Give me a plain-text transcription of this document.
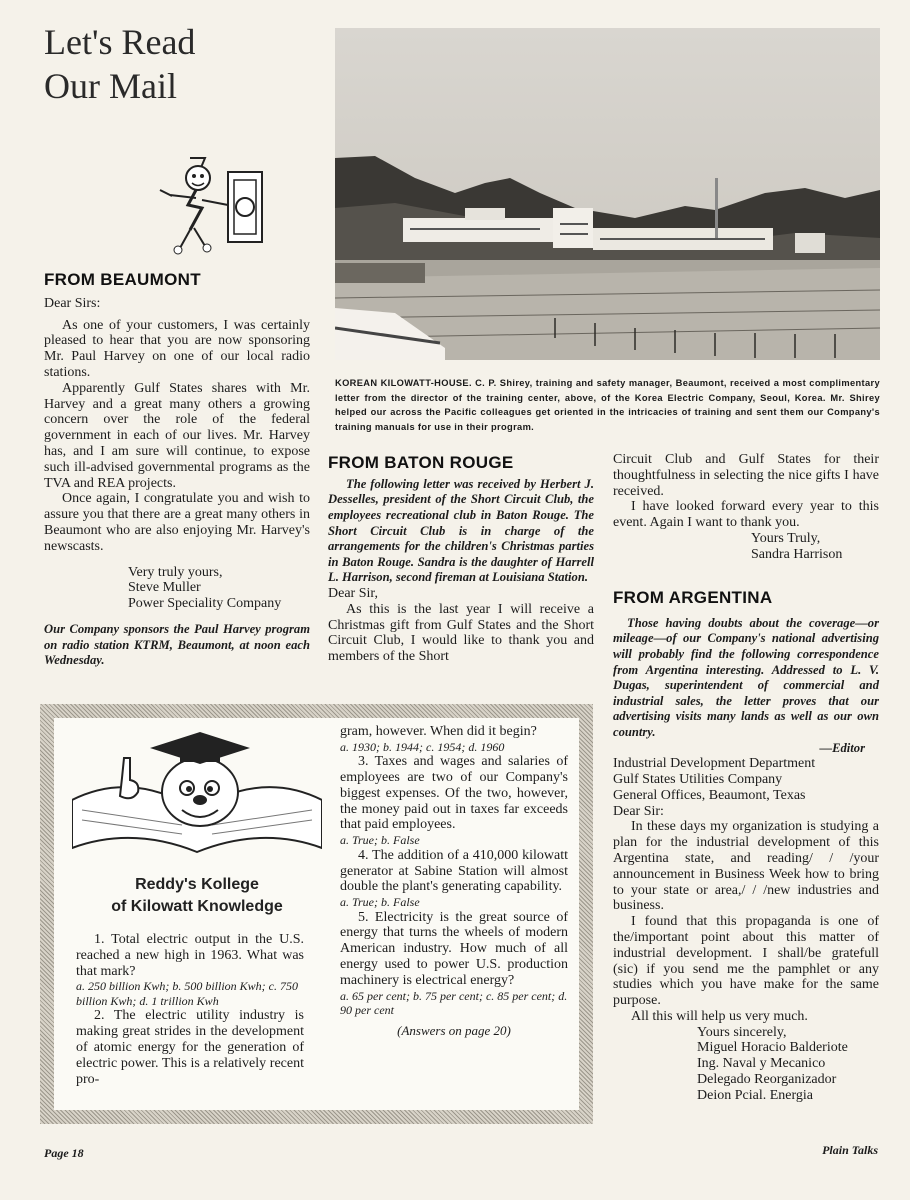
Let's Read
Our Mail
KOREAN KILOWATT-HOUSE. C. P. Shirey, training and safety manager, Beaumont, received a most complimentary letter from the director of the training center, above, of the Korea Electric Company, Seoul, Korea. Mr. Shirey helped our across the Pacific colleagues get oriented in the intricacies of training and sent them our Company's training manuals for use in their program.
FROM BEAUMONT

Dear Sirs:

As one of your customers, I was certainly pleased to hear that you are now sponsoring Mr. Paul Harvey on one of our local radio stations.

Apparently Gulf States shares with Mr. Harvey and a great many others a growing concern over the role of the federal government in each of our lives. Mr. Harvey has, and I am sure will continue, to expose such ill-advised governmental programs as the TVA and REA projects.

Once again, I congratulate you and wish to assure you that there are a great many others in Beaumont who are also enjoying Mr. Harvey's newscasts.

Very truly yours,
Steve Muller
Power Speciality Company
Our Company sponsors the Paul Harvey program on radio station KTRM, Beaumont, at noon each Wednesday.
FROM BATON ROUGE
The following letter was received by Herbert J. Desselles, president of the Short Circuit Club, the employees recreational club in Baton Rouge. The Short Circuit Club is in charge of the arrangements for the children's Christmas parties in Baton Rouge. Sandra is the daughter of Harrell L. Harrison, second fireman at Louisiana Station.

Dear Sir,

As this is the last year I will receive a Christmas gift from Gulf States and the Short Circuit Club, I would like to thank you and members of the Short

Circuit Club and Gulf States for their thoughtfulness in selecting the nice gifts I have received.

I have looked forward every year to this event. Again I want to thank you.

Yours Truly,
Sandra Harrison
FROM ARGENTINA
Those having doubts about the coverage—or mileage—of our Company's national advertising will probably find the following correspondence from Argentina interesting. Addressed to L. V. Dugas, superintendent of commercial and industrial sales, the letter proves that our advertising visits many lands as well as our own country.
—Editor
Industrial Development Department
Gulf States Utilities Company
General Offices, Beaumont, Texas
Dear Sir:

In these days my organization is studying a plan for the industrial development of this Argentina state, and reading/ / /your announcement in Business Week how to bring to your state or area,/ / /new industries and business.

I found that this propaganda is one of the/important point about this matter of industrial development. I shall/be gratefull (sic) if you send me the pamphlet or any studies which you have make for the same purpose.

All this will help us very much.

Yours sincerely,
Miguel Horacio Balderiote
Ing. Naval y Mecanico
Delegado Reorganizador
Deion Pcial. Energia
Reddy's Kollege
of Kilowatt Knowledge

1. Total electric output in the U.S. reached a new high in 1963. What was that mark?

a. 250 billion Kwh; b. 500 billion Kwh; c. 750 billion Kwh; d. 1 trillion Kwh

2. The electric utility industry is making great strides in the development of atomic energy for the generation of electric power. This is a relatively recent pro-

gram, however. When did it begin?

a. 1930; b. 1944; c. 1954; d. 1960

3. Taxes and wages and salaries of employees are two of our Company's biggest expenses. Of the two, however, the money paid out in taxes far exceeds that paid employees.

a. True; b. False

4. The addition of a 410,000 kilowatt generator at Sabine Station will almost double the plant's generating capability.

a. True; b. False

5. Electricity is the great source of energy that turns the wheels of modern American industry. How much of all energy used to power U.S. production machinery is electrical energy?

a. 65 per cent; b. 75 per cent; c. 85 per cent; d. 90 per cent
(Answers on page 20)
Page 18	Plain Talks
